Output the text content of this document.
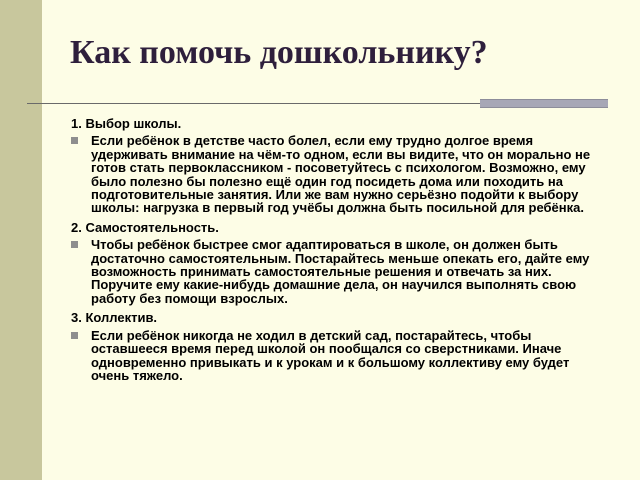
Как помочь дошкольнику?

1. Выбор школы.

Если ребёнок в детстве часто болел, если ему трудно долгое время удерживать внимание на чём-то одном, если вы видите, что он морально не готов стать первоклассником - посоветуйтесь с психологом. Возможно, ему было полезно бы полезно ещё один год посидеть дома или походить на подготовительные занятия. Или же вам нужно серьёзно подойти к выбору школы: нагрузка в первый год учёбы должна быть посильной для ребёнка.

2. Самостоятельность.

Чтобы ребёнок быстрее смог адаптироваться в школе, он должен быть достаточно самостоятельным. Постарайтесь меньше опекать его, дайте ему возможность принимать самостоятельные решения и отвечать за них. Поручите ему какие-нибудь домашние дела, он научился выполнять свою работу без помощи взрослых.

3. Коллектив.

Если ребёнок никогда не ходил в детский сад, постарайтесь, чтобы оставшееся время перед школой он пообщался со сверстниками. Иначе одновременно привыкать и к урокам и к большому коллективу ему будет очень тяжело.
